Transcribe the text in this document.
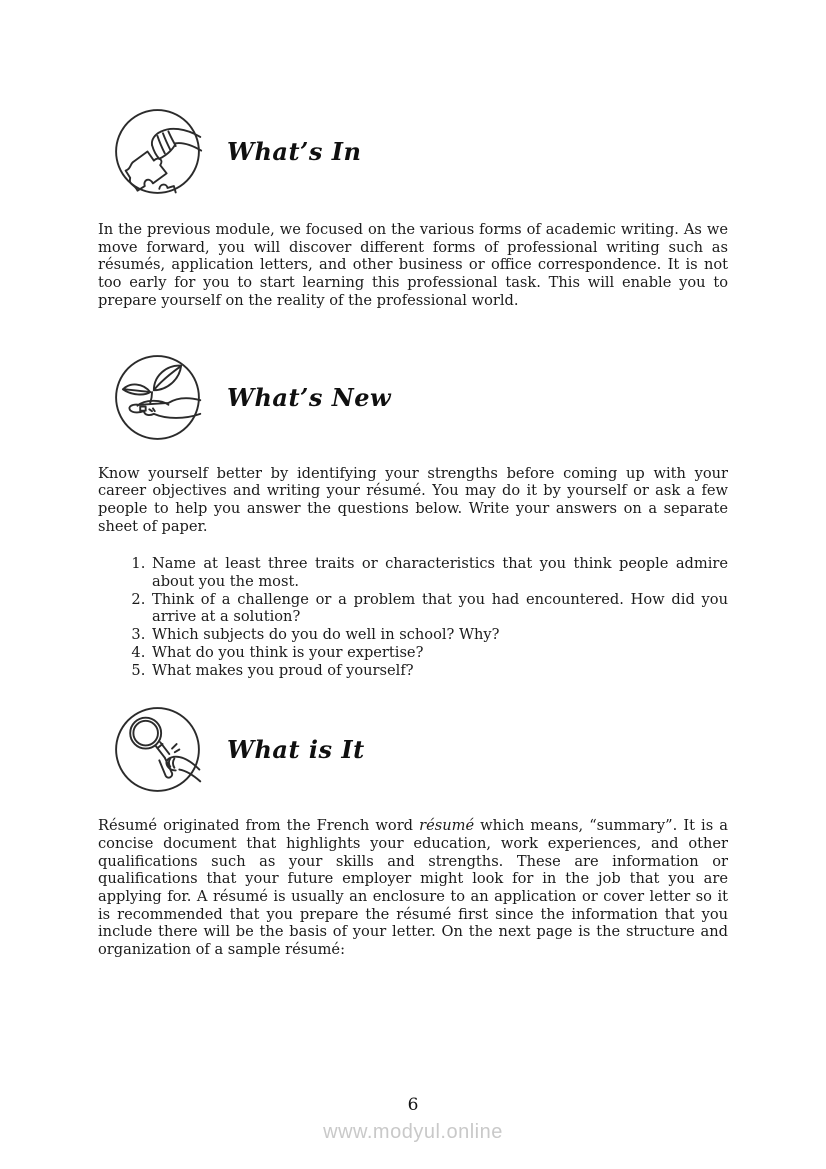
What’s In

In the previous module, we focused on the various forms of academic writing. As we move forward, you will discover different forms of professional writing such as résumés, application letters, and other business or office correspondence. It is not too early for you to start learning this professional task. This will enable you to prepare yourself on the reality of the professional world.

What’s New

Know yourself better by identifying your strengths before coming up with your career objectives and writing your résumé. You may do it by yourself or ask a few people to help you answer the questions below. Write your answers on a separate sheet of paper.

1. Name at least three traits or characteristics that you think people admire about you the most.
2. Think of a challenge or a problem that you had encountered. How did you arrive at a solution?
3. Which subjects do you do well in school? Why?
4. What do you think is your expertise?
5. What makes you proud of yourself?
What is It

Résumé originated from the French word résumé which means, “summary”. It is a concise document that highlights your education, work experiences, and other qualifications such as your skills and strengths. These are information or qualifications that your future employer might look for in the job that you are applying for. A résumé is usually an enclosure to an application or cover letter so it is recommended that you prepare the résumé first since the information that you include there will be the basis of your letter. On the next page is the structure and organization of a sample résumé:

6
www.modyul.online
